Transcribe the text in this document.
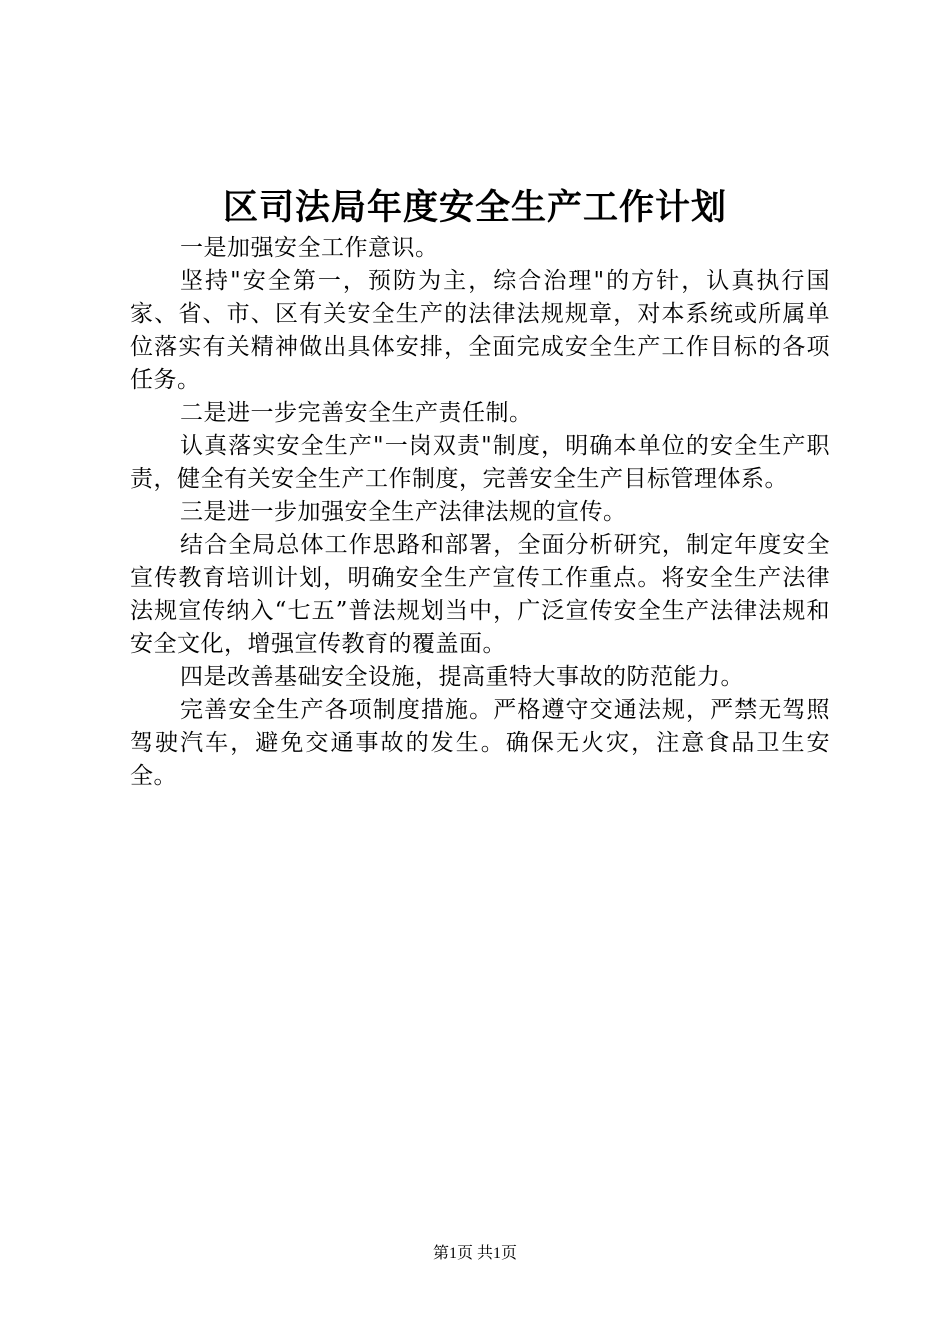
区司法局年度安全生产工作计划

一是加强安全工作意识。

坚持"安全第一，预防为主，综合治理"的方针，认真执行国家、省、市、区有关安全生产的法律法规规章，对本系统或所属单位落实有关精神做出具体安排，全面完成安全生产工作目标的各项任务。

二是进一步完善安全生产责任制。

认真落实安全生产"一岗双责"制度，明确本单位的安全生产职责，健全有关安全生产工作制度，完善安全生产目标管理体系。

三是进一步加强安全生产法律法规的宣传。

结合全局总体工作思路和部署，全面分析研究，制定年度安全宣传教育培训计划，明确安全生产宣传工作重点。将安全生产法律法规宣传纳入“七五”普法规划当中，广泛宣传安全生产法律法规和安全文化，增强宣传教育的覆盖面。

四是改善基础安全设施，提高重特大事故的防范能力。

完善安全生产各项制度措施。严格遵守交通法规，严禁无驾照驾驶汽车，避免交通事故的发生。确保无火灾，注意食品卫生安全。

第1页 共1页
